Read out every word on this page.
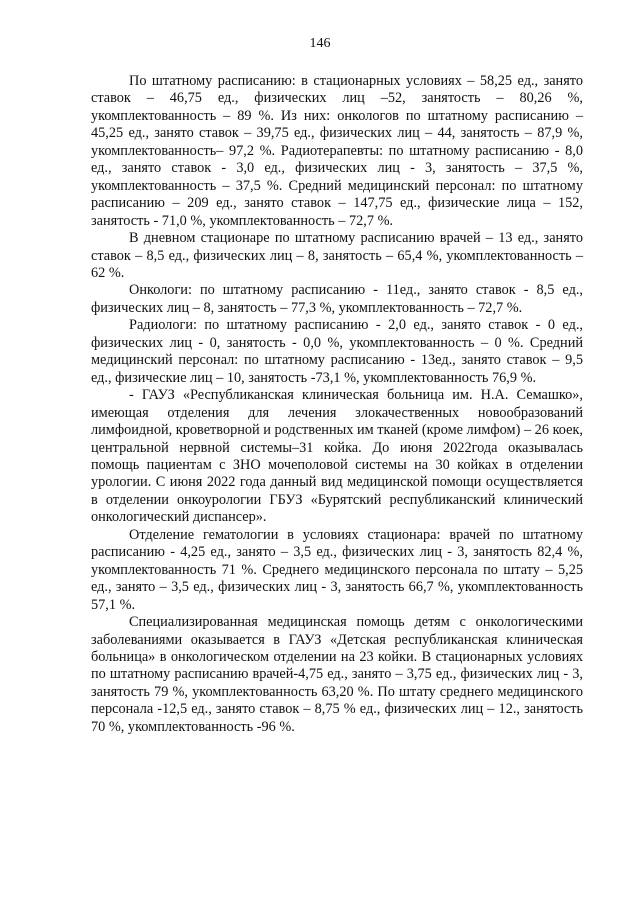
146

По штатному расписанию: в стационарных условиях – 58,25 ед., занято ставок – 46,75 ед., физических лиц –52, занятость – 80,26 %, укомплектованность – 89 %. Из них: онкологов по штатному расписанию – 45,25 ед., занято ставок – 39,75 ед., физических лиц – 44, занятость – 87,9 %, укомплектованность– 97,2 %. Радиотерапевты: по штатному расписанию - 8,0 ед., занято ставок - 3,0 ед., физических лиц - 3, занятость – 37,5 %, укомплектованность – 37,5 %. Средний медицинский персонал: по штатному расписанию – 209 ед., занято ставок – 147,75 ед., физические лица – 152, занятость - 71,0 %, укомплектованность – 72,7 %.

В дневном стационаре по штатному расписанию врачей – 13 ед., занято ставок – 8,5 ед., физических лиц – 8, занятость – 65,4 %, укомплектованность – 62 %.

Онкологи: по штатному расписанию - 11ед., занято ставок - 8,5 ед., физических лиц – 8, занятость – 77,3 %, укомплектованность – 72,7 %.

Радиологи: по штатному расписанию - 2,0 ед., занято ставок - 0 ед., физических лиц - 0, занятость - 0,0 %, укомплектованность – 0 %. Средний медицинский персонал: по штатному расписанию - 13ед., занято ставок – 9,5 ед., физические лиц – 10, занятость -73,1 %, укомплектованность 76,9 %.

- ГАУЗ «Республиканская клиническая больница им. Н.А. Семашко», имеющая отделения для лечения злокачественных новообразований лимфоидной, кроветворной и родственных им тканей (кроме лимфом) – 26 коек, центральной нервной системы–31 койка. До июня 2022года оказывалась помощь пациентам с ЗНО мочеполовой системы на 30 койках в отделении урологии. С июня 2022 года данный вид медицинской помощи осуществляется в отделении онкоурологии ГБУЗ «Бурятский республиканский клинический онкологический диспансер».

Отделение гематологии в условиях стационара: врачей по штатному расписанию - 4,25 ед., занято – 3,5 ед., физических лиц - 3, занятость 82,4 %, укомплектованность 71 %. Среднего медицинского персонала по штату – 5,25 ед., занято – 3,5 ед., физических лиц - 3, занятость 66,7 %, укомплектованность 57,1 %.

Специализированная медицинская помощь детям с онкологическими заболеваниями оказывается в ГАУЗ «Детская республиканская клиническая больница» в онкологическом отделении на 23 койки. В стационарных условиях по штатному расписанию врачей-4,75 ед., занято – 3,75 ед., физических лиц - 3, занятость 79 %, укомплектованность 63,20 %. По штату среднего медицинского персонала -12,5 ед., занято ставок – 8,75 % ед., физических лиц – 12., занятость 70 %, укомплектованность -96 %.
